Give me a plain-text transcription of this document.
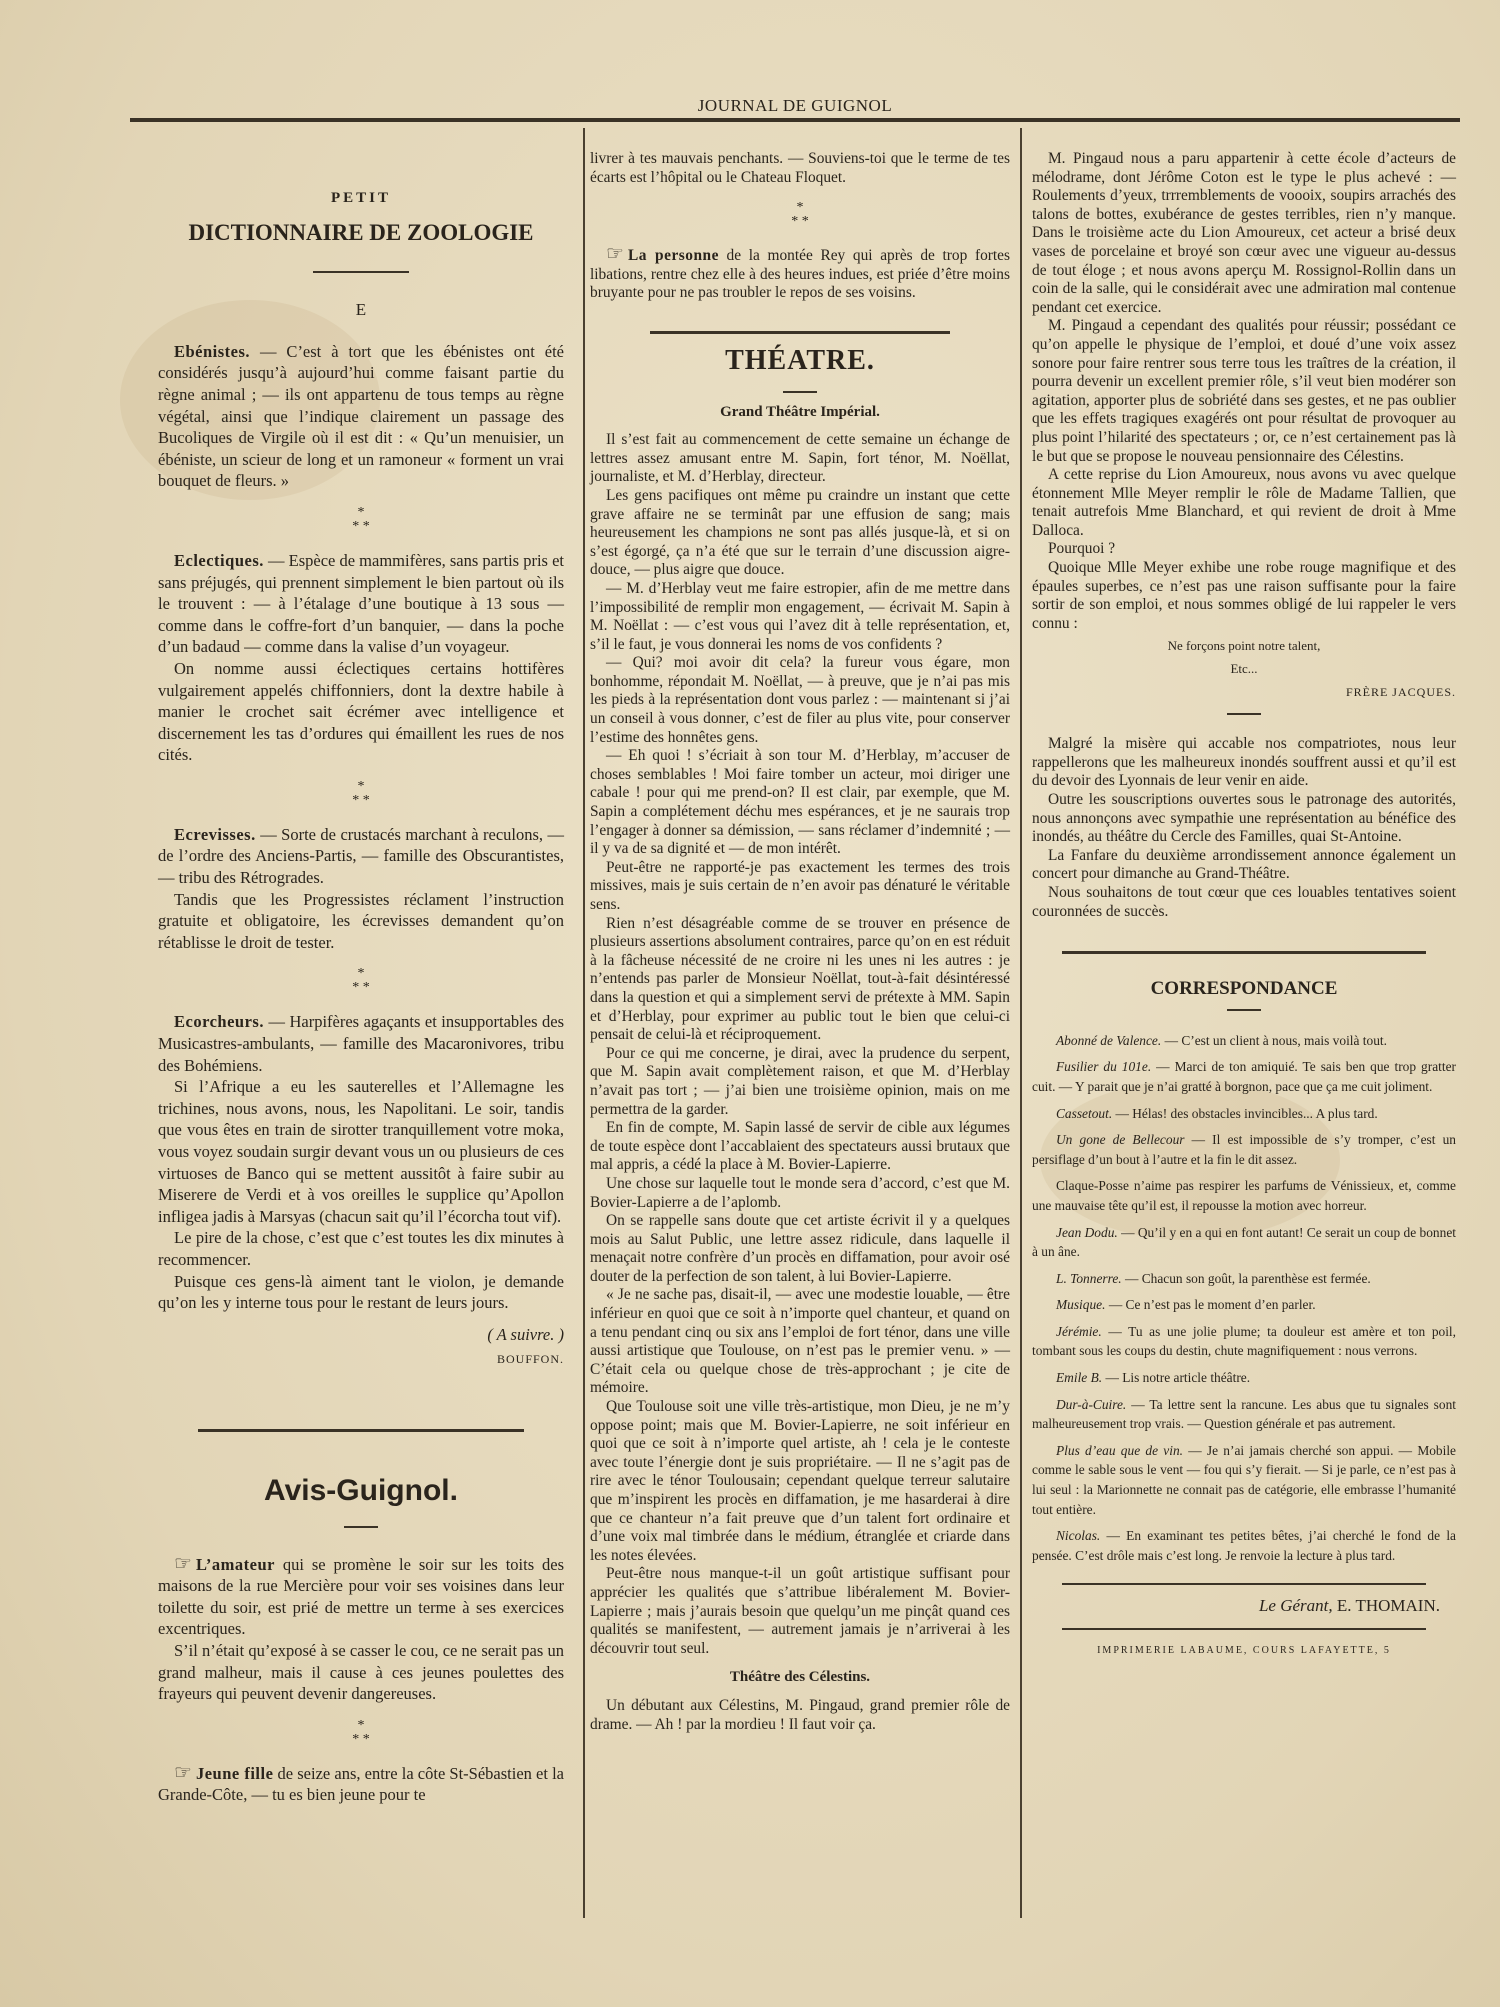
JOURNAL DE GUIGNOL
PETIT
DICTIONNAIRE DE ZOOLOGIE
E

Ebénistes. — C’est à tort que les ébénistes ont été considérés jusqu’à aujourd’hui comme faisant partie du règne animal ; — ils ont appartenu de tous temps au règne végétal, ainsi que l’indique clairement un passage des Bucoliques de Virgile où il est dit : « Qu’un menuisier, un ébéniste, un scieur de long et un ramoneur « forment un vrai bouquet de fleurs. »

*
* *

Eclectiques. — Espèce de mammifères, sans partis pris et sans préjugés, qui prennent simplement le bien partout où ils le trouvent : — à l’étalage d’une boutique à 13 sous — comme dans le coffre-fort d’un banquier, — dans la poche d’un badaud — comme dans la valise d’un voyageur.

On nomme aussi éclectiques certains hottifères vulgairement appelés chiffonniers, dont la dextre habile à manier le crochet sait écrémer avec intelligence et discernement les tas d’ordures qui émaillent les rues de nos cités.

*
* *

Ecrevisses. — Sorte de crustacés marchant à reculons, — de l’ordre des Anciens-Partis, — famille des Obscurantistes, — tribu des Rétrogrades.

Tandis que les Progressistes réclament l’instruction gratuite et obligatoire, les écrevisses demandent qu’on rétablisse le droit de tester.

*
* *

Ecorcheurs. — Harpifères agaçants et insupportables des Musicastres-ambulants, — famille des Macaronivores, tribu des Bohémiens.

Si l’Afrique a eu les sauterelles et l’Allemagne les trichines, nous avons, nous, les Napolitani. Le soir, tandis que vous êtes en train de sirotter tranquillement votre moka, vous voyez soudain surgir devant vous un ou plusieurs de ces virtuoses de Banco qui se mettent aussitôt à faire subir au Miserere de Verdi et à vos oreilles le supplice qu’Apollon infligea jadis à Marsyas (chacun sait qu’il l’écorcha tout vif).

Le pire de la chose, c’est que c’est toutes les dix minutes à recommencer.

Puisque ces gens-là aiment tant le violon, je demande qu’on les y interne tous pour le restant de leurs jours.

( A suivre. )
BOUFFON.
Avis-Guignol.

☞ L’amateur qui se promène le soir sur les toits des maisons de la rue Mercière pour voir ses voisines dans leur toilette du soir, est prié de mettre un terme à ses exercices excentriques.

S’il n’était qu’exposé à se casser le cou, ce ne serait pas un grand malheur, mais il cause à ces jeunes poulettes des frayeurs qui peuvent devenir dangereuses.

*
* *

☞ Jeune fille de seize ans, entre la côte St-Sébastien et la Grande-Côte, — tu es bien jeune pour te

livrer à tes mauvais penchants. — Souviens-toi que le terme de tes écarts est l’hôpital ou le Chateau Floquet.

*
* *

☞ La personne de la montée Rey qui après de trop fortes libations, rentre chez elle à des heures indues, est priée d’être moins bruyante pour ne pas troubler le repos de ses voisins.

THÉATRE.
Grand Théâtre Impérial.

Il s’est fait au commencement de cette semaine un échange de lettres assez amusant entre M. Sapin, fort ténor, M. Noëllat, journaliste, et M. d’Herblay, directeur.

Les gens pacifiques ont même pu craindre un instant que cette grave affaire ne se terminât par une effusion de sang; mais heureusement les champions ne sont pas allés jusque-là, et si on s’est égorgé, ça n’a été que sur le terrain d’une discussion aigre-douce, — plus aigre que douce.

— M. d’Herblay veut me faire estropier, afin de me mettre dans l’impossibilité de remplir mon engagement, — écrivait M. Sapin à M. Noëllat : — c’est vous qui l’avez dit à telle représentation, et, s’il le faut, je vous donnerai les noms de vos confidents ?

— Qui? moi avoir dit cela? la fureur vous égare, mon bonhomme, répondait M. Noëllat, — à preuve, que je n’ai pas mis les pieds à la représentation dont vous parlez : — maintenant si j’ai un conseil à vous donner, c’est de filer au plus vite, pour conserver l’estime des honnêtes gens.

— Eh quoi ! s’écriait à son tour M. d’Herblay, m’accuser de choses semblables ! Moi faire tomber un acteur, moi diriger une cabale ! pour qui me prend-on? Il est clair, par exemple, que M. Sapin a complétement déchu mes espérances, et je ne saurais trop l’engager à donner sa démission, — sans réclamer d’indemnité ; — il y va de sa dignité et — de mon intérêt.

Peut-être ne rapporté-je pas exactement les termes des trois missives, mais je suis certain de n’en avoir pas dénaturé le véritable sens.

Rien n’est désagréable comme de se trouver en présence de plusieurs assertions absolument contraires, parce qu’on en est réduit à la fâcheuse nécessité de ne croire ni les unes ni les autres : je n’entends pas parler de Monsieur Noëllat, tout-à-fait désintéressé dans la question et qui a simplement servi de prétexte à MM. Sapin et d’Herblay, pour exprimer au public tout le bien que celui-ci pensait de celui-là et réciproquement.

Pour ce qui me concerne, je dirai, avec la prudence du serpent, que M. Sapin avait complètement raison, et que M. d’Herblay n’avait pas tort ; — j’ai bien une troisième opinion, mais on me permettra de la garder.

En fin de compte, M. Sapin lassé de servir de cible aux légumes de toute espèce dont l’accablaient des spectateurs aussi brutaux que mal appris, a cédé la place à M. Bovier-Lapierre.

Une chose sur laquelle tout le monde sera d’accord, c’est que M. Bovier-Lapierre a de l’aplomb.

On se rappelle sans doute que cet artiste écrivit il y a quelques mois au Salut Public, une lettre assez ridicule, dans laquelle il menaçait notre confrère d’un procès en diffamation, pour avoir osé douter de la perfection de son talent, à lui Bovier-Lapierre.

« Je ne sache pas, disait-il, — avec une modestie louable, — être inférieur en quoi que ce soit à n’importe quel chanteur, et quand on a tenu pendant cinq ou six ans l’emploi de fort ténor, dans une ville aussi artistique que Toulouse, on n’est pas le premier venu. » — C’était cela ou quelque chose de très-approchant ; je cite de mémoire.

Que Toulouse soit une ville très-artistique, mon Dieu, je ne m’y oppose point; mais que M. Bovier-Lapierre, ne soit inférieur en quoi que ce soit à n’importe quel artiste, ah ! cela je le conteste avec toute l’énergie dont je suis propriétaire. — Il ne s’agit pas de rire avec le ténor Toulousain; cependant quelque terreur salutaire que m’inspirent les procès en diffamation, je me hasarderai à dire que ce chanteur n’a fait preuve que d’un talent fort ordinaire et d’une voix mal timbrée dans le médium, étranglée et criarde dans les notes élevées.

Peut-être nous manque-t-il un goût artistique suffisant pour apprécier les qualités que s’attribue libéralement M. Bovier-Lapierre ; mais j’aurais besoin que quelqu’un me pinçât quand ces qualités se manifestent, — autrement jamais je n’arriverai à les découvrir tout seul.

Théâtre des Célestins.

Un débutant aux Célestins, M. Pingaud, grand premier rôle de drame. — Ah ! par la mordieu ! Il faut voir ça.

M. Pingaud nous a paru appartenir à cette école d’acteurs de mélodrame, dont Jérôme Coton est le type le plus achevé : — Roulements d’yeux, trrremblements de voooix, soupirs arrachés des talons de bottes, exubérance de gestes terribles, rien n’y manque. Dans le troisième acte du Lion Amoureux, cet acteur a brisé deux vases de porcelaine et broyé son cœur avec une vigueur au-dessus de tout éloge ; et nous avons aperçu M. Rossignol-Rollin dans un coin de la salle, qui le considérait avec une admiration mal contenue pendant cet exercice.

M. Pingaud a cependant des qualités pour réussir; possédant ce qu’on appelle le physique de l’emploi, et doué d’une voix assez sonore pour faire rentrer sous terre tous les traîtres de la création, il pourra devenir un excellent premier rôle, s’il veut bien modérer son agitation, apporter plus de sobriété dans ses gestes, et ne pas oublier que les effets tragiques exagérés ont pour résultat de provoquer au plus point l’hilarité des spectateurs ; or, ce n’est certainement pas là le but que se propose le nouveau pensionnaire des Célestins.

A cette reprise du Lion Amoureux, nous avons vu avec quelque étonnement Mlle Meyer remplir le rôle de Madame Tallien, que tenait autrefois Mme Blanchard, et qui revient de droit à Mme Dalloca.

Pourquoi ?

Quoique Mlle Meyer exhibe une robe rouge magnifique et des épaules superbes, ce n’est pas une raison suffisante pour la faire sortir de son emploi, et nous sommes obligé de lui rappeler le vers connu :

Ne forçons point notre talent,
Etc...
FRÈRE JACQUES.

Malgré la misère qui accable nos compatriotes, nous leur rappellerons que les malheureux inondés souffrent aussi et qu’il est du devoir des Lyonnais de leur venir en aide.

Outre les souscriptions ouvertes sous le patronage des autorités, nous annonçons avec sympathie une représentation au bénéfice des inondés, au théâtre du Cercle des Familles, quai St-Antoine.

La Fanfare du deuxième arrondissement annonce également un concert pour dimanche au Grand-Théâtre.

Nous souhaitons de tout cœur que ces louables tentatives soient couronnées de succès.

CORRESPONDANCE

Abonné de Valence. — C’est un client à nous, mais voilà tout.

Fusilier du 101e. — Marci de ton amiquié. Te sais ben que trop gratter cuit. — Y parait que je n’ai gratté à borgnon, pace que ça me cuit joliment.

Cassetout. — Hélas! des obstacles invincibles... A plus tard.

Un gone de Bellecour — Il est impossible de s’y tromper, c’est un persiflage d’un bout à l’autre et la fin le dit assez.

Claque-Posse n’aime pas respirer les parfums de Vénissieux, et, comme une mauvaise tête qu’il est, il repousse la motion avec horreur.

Jean Dodu. — Qu’il y en a qui en font autant! Ce serait un coup de bonnet à un âne.

L. Tonnerre. — Chacun son goût, la parenthèse est fermée.

Musique. — Ce n’est pas le moment d’en parler.

Jérémie. — Tu as une jolie plume; ta douleur est amère et ton poil, tombant sous les coups du destin, chute magnifiquement : nous verrons.

Emile B. — Lis notre article théâtre.

Dur-à-Cuire. — Ta lettre sent la rancune. Les abus que tu signales sont malheureusement trop vrais. — Question générale et pas autrement.

Plus d’eau que de vin. — Je n’ai jamais cherché son appui. — Mobile comme le sable sous le vent — fou qui s’y fierait. — Si je parle, ce n’est pas à lui seul : la Marionnette ne connait pas de catégorie, elle embrasse l’humanité tout entière.

Nicolas. — En examinant tes petites bêtes, j’ai cherché le fond de la pensée. C’est drôle mais c’est long. Je renvoie la lecture à plus tard.

Le Gérant, E. THOMAIN.
IMPRIMERIE LABAUME, COURS LAFAYETTE, 5
